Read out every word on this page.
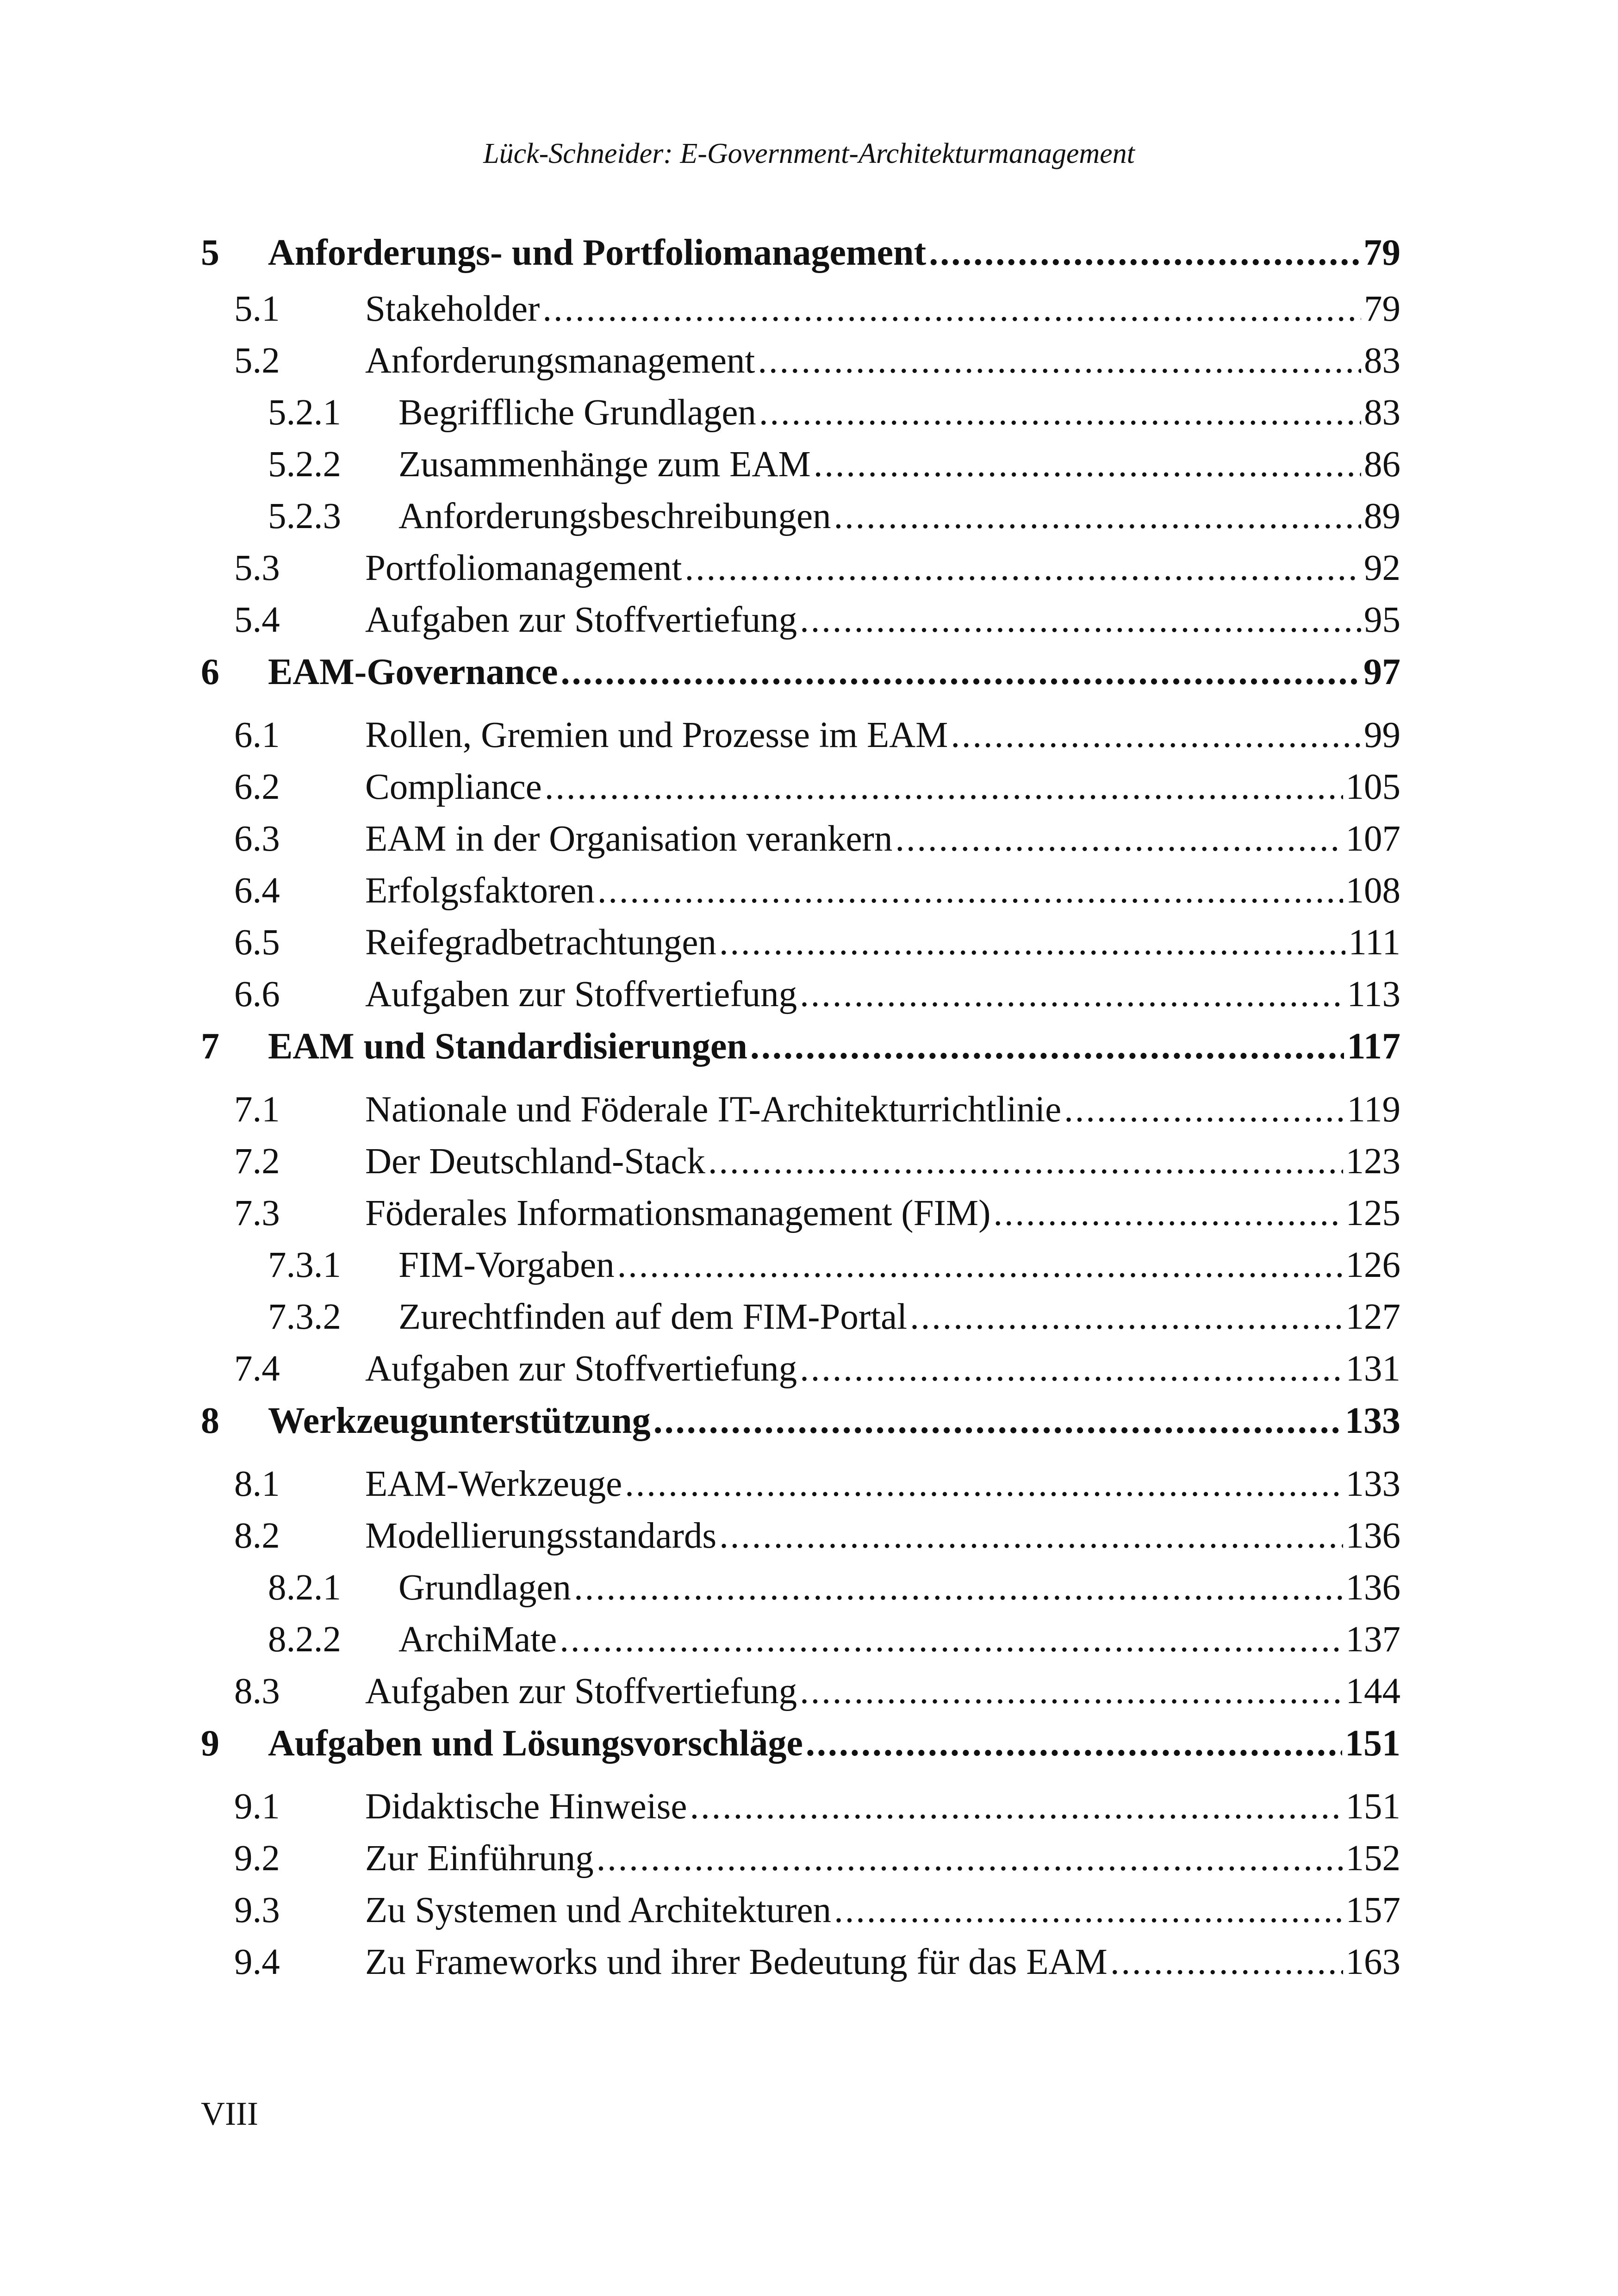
Lück-Schneider: E-Government-Architekturmanagement
5 Anforderungs- und Portfoliomanagement . . .	79
5.1 Stakeholder . . .	79
5.2 Anforderungsmanagement . . .	83
5.2.1 Begriffliche Grundlagen . . .	83
5.2.2 Zusammenhänge zum EAM . . .	86
5.2.3 Anforderungsbeschreibungen . . .	89
5.3 Portfoliomanagement . . .	92
5.4 Aufgaben zur Stoffvertiefung . . .	95
6 EAM-Governance . . .	97
6.1 Rollen, Gremien und Prozesse im EAM . . .	99
6.2 Compliance . . .	105
6.3 EAM in der Organisation verankern . . .	107
6.4 Erfolgsfaktoren . . .	108
6.5 Reifegradbetrachtungen . . .	111
6.6 Aufgaben zur Stoffvertiefung . . .	113
7 EAM und Standardisierungen . . .	117
7.1 Nationale und Föderale IT-Architekturrichtlinie . . .	119
7.2 Der Deutschland-Stack . . .	123
7.3 Föderales Informationsmanagement (FIM) . . .	125
7.3.1 FIM-Vorgaben . . .	126
7.3.2 Zurechtfinden auf dem FIM-Portal . . .	127
7.4 Aufgaben zur Stoffvertiefung . . .	131
8 Werkzeugunterstützung . . .	133
8.1 EAM-Werkzeuge . . .	133
8.2 Modellierungsstandards . . .	136
8.2.1 Grundlagen . . .	136
8.2.2 ArchiMate . . .	137
8.3 Aufgaben zur Stoffvertiefung . . .	144
9 Aufgaben und Lösungsvorschläge . . .	151
9.1 Didaktische Hinweise . . .	151
9.2 Zur Einführung . . .	152
9.3 Zu Systemen und Architekturen . . .	157
9.4 Zu Frameworks und ihrer Bedeutung für das EAM . . .	163
VIII
